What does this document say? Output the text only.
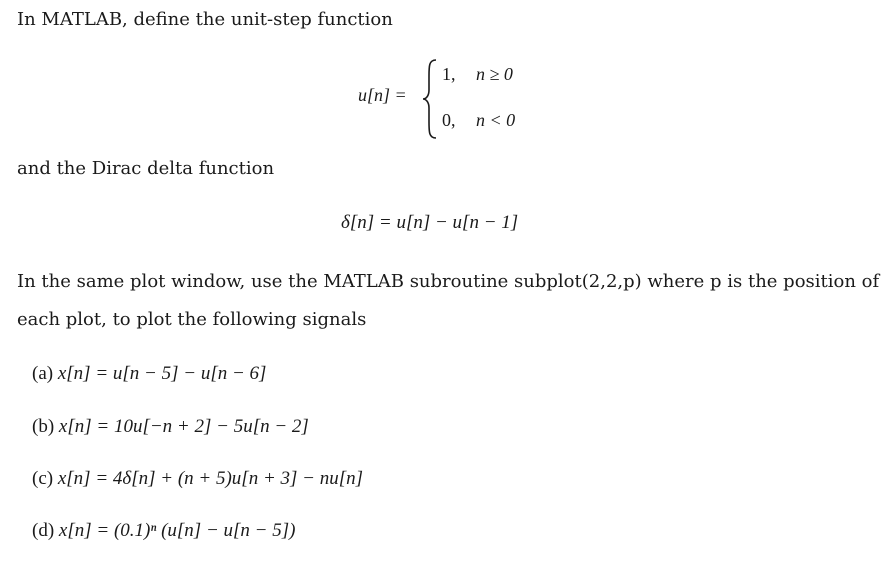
In MATLAB, define the unit-step function
u[n] =
1, n ≥ 0
0, n < 0
and the Dirac delta function
δ[n] = u[n] − u[n − 1]
In the same plot window, use the MATLAB subroutine subplot(2,2,p) where p is the position of
each plot, to plot the following signals
(a) x[n] = u[n − 5] − u[n − 6]
(b) x[n] = 10u[−n + 2] − 5u[n − 2]
(c) x[n] = 4δ[n] + (n + 5)u[n + 3] − nu[n]
(d) x[n] = (0.1)ⁿ (u[n] − u[n − 5])
